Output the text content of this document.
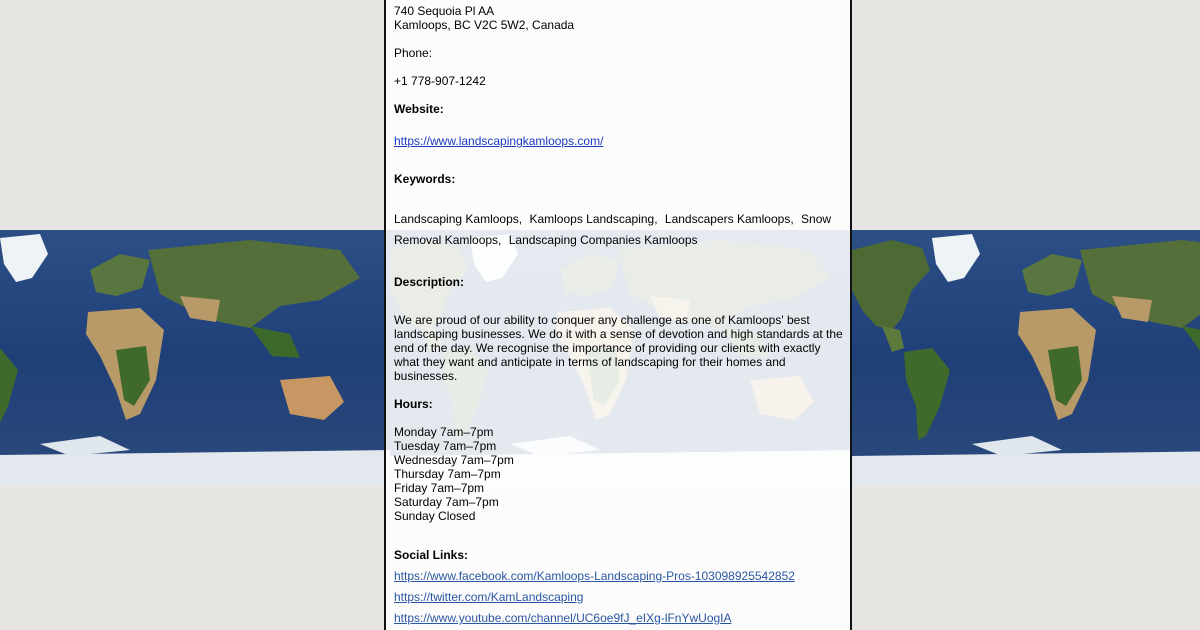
740 Sequoia Pl AA
Kamloops, BC V2C 5W2, Canada
Phone:
+1 778-907-1242
Website:
https://www.landscapingkamloops.com/
Keywords:
Landscaping Kamloops, Kamloops Landscaping, Landscapers Kamloops, Snow Removal Kamloops, Landscaping Companies Kamloops
Description:
We are proud of our ability to conquer any challenge as one of Kamloops' best landscaping businesses. We do it with a sense of devotion and high standards at the end of the day. We recognise the importance of providing our clients with exactly what they want and anticipate in terms of landscaping for their homes and businesses.
Hours:
Monday 7am–7pm
Tuesday 7am–7pm
Wednesday 7am–7pm
Thursday 7am–7pm
Friday 7am–7pm
Saturday 7am–7pm
Sunday Closed
Social Links:
https://www.facebook.com/Kamloops-Landscaping-Pros-103098925542852
https://twitter.com/KamLandscaping
https://www.youtube.com/channel/UC6oe9fJ_eIXg-lFnYwUogIA
